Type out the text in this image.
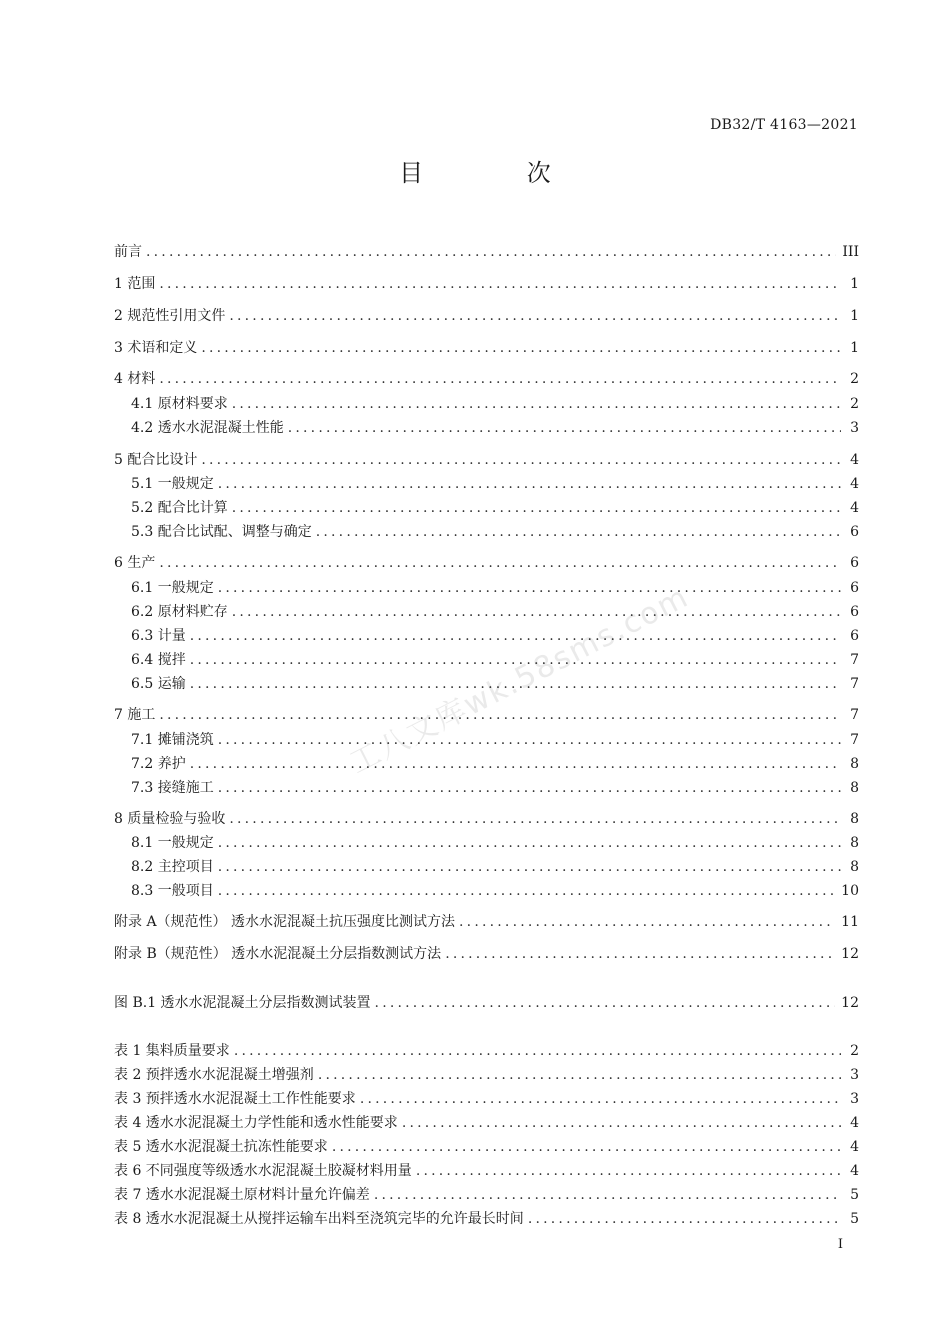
DB32/T 4163—2021
目 次
工八文库wk.58sms.com
前言 .....	III
1 范围 .....	1
2 规范性引用文件 .....	1
3 术语和定义 .....	1
4 材料 .....	2
4.1 原材料要求 .....	2
4.2 透水水泥混凝土性能 .....	3
5 配合比设计 .....	4
5.1 一般规定 .....	4
5.2 配合比计算 .....	4
5.3 配合比试配、调整与确定 .....	6
6 生产 .....	6
6.1 一般规定 .....	6
6.2 原材料贮存 .....	6
6.3 计量 .....	6
6.4 搅拌 .....	7
6.5 运输 .....	7
7 施工 .....	7
7.1 摊铺浇筑 .....	7
7.2 养护 .....	8
7.3 接缝施工 .....	8
8 质量检验与验收 .....	8
8.1 一般规定 .....	8
8.2 主控项目 .....	8
8.3 一般项目 .....	10
附录 A（规范性） 透水水泥混凝土抗压强度比测试方法 .....	11
附录 B（规范性） 透水水泥混凝土分层指数测试方法 .....	12
图 B.1 透水水泥混凝土分层指数测试装置 .....	12
表 1 集料质量要求 .....	2
表 2 预拌透水水泥混凝土增强剂 .....	3
表 3 预拌透水水泥混凝土工作性能要求 .....	3
表 4 透水水泥混凝土力学性能和透水性能要求 .....	4
表 5 透水水泥混凝土抗冻性能要求 .....	4
表 6 不同强度等级透水水泥混凝土胶凝材料用量 .....	4
表 7 透水水泥混凝土原材料计量允许偏差 .....	5
表 8 透水水泥混凝土从搅拌运输车出料至浇筑完毕的允许最长时间 .....	5
I
